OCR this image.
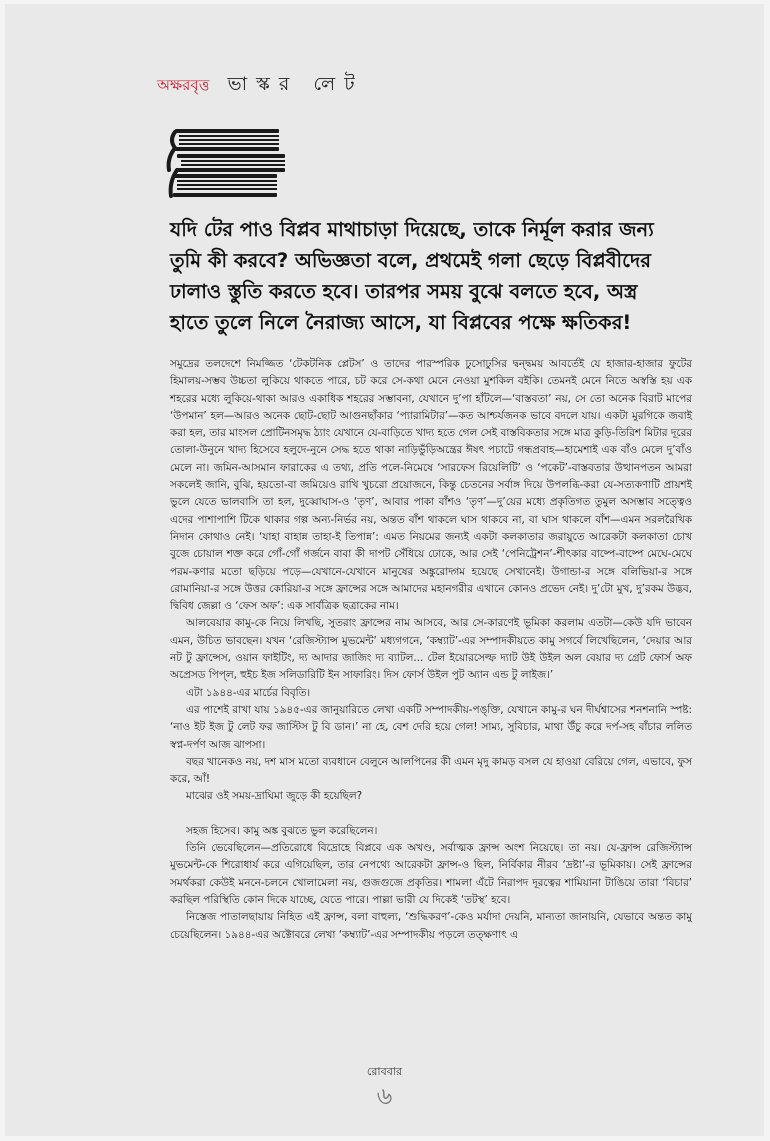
অক্ষরবৃত্ত ভাস্কর লেট

যদি টের পাও বিপ্লব মাথাচাড়া দিয়েছে, তাকে নির্মূল করার জন্য

তুমি কী করবে? অভিজ্ঞতা বলে, প্রথমেই গলা ছেড়ে বিপ্লবীদের

ঢালাও স্তুতি করতে হবে। তারপর সময় বুঝে বলতে হবে, অস্ত্র

হাতে তুলে নিলে নৈরাজ্য আসে, যা বিপ্লবের পক্ষে ক্ষতিকর!

সমুদ্রের তলদেশে নিমজ্জিত ‘টেকটনিক প্লেটস’ ও তাদের পারস্পরিক ঢুসোঢুসির দ্বন্দ্বময় আবর্তেই যে হাজার-হাজার ফুটের হিমালয়-সম্ভব উচ্চতা লুকিয়ে থাকতে পারে, চট করে সে-কথা মেনে নেওয়া মুশকিল বইকি। তেমনই মেনে নিতে অস্বস্তি হয় এক শহরের মধ্যে লুকিয়ে-থাকা আরও একাধিক শহরের সম্ভাবনা, যেখানে দু’পা হাঁটলে—‘বাস্তবতা’ নয়, সে তো অনেক বিরাট মাপের ‘উপমান’ হল—আরও অনেক ছোট-ছোট আগুনছাঁকার ‘প্যারামিটার’—কত আশ্চর্যজনক ভাবে বদলে যায়। একটা মুরগিকে জবাই করা হল, তার মাংসল প্রোটিনসমৃদ্ধ ঠ্যাং যেখানে যে-বাড়িতে খাদ্য হতে গেল সেই বাস্তবিকতার সঙ্গে মাত্র কুড়ি-তিরিশ মিটার দূরের তোলা-উনুনে খাদ্য হিসেবে হলুদে-নুনে সেদ্ধ হতে থাকা নাড়িভুঁড়িঅন্ত্রের ঈষৎ পচাটে গন্ধপ্রবাহ—হামেশাই এক বাঁও মেলে দু’বাঁও মেলে না। জমিন-আসমান ফারাকের এ তথ্য, প্রতি পলে-নিমেষে ‘সারফেস রিয়েলিটি’ ও ‘পকেট’-বাস্তবতার উত্থানপতন আমরা সকলেই জানি, বুঝি, হয়তো-বা জমিয়েও রাখি খুচরো প্রয়োজনে, কিন্তু চেতনের সর্বাঙ্গ দিয়ে উপলব্ধি-করা যে-সত্যকণাটি প্রায়শই ভুলে যেতে ভালবাসি তা হল, দুব্বোঘাস-ও ‘তৃণ’, আবার পাকা বাঁশও ‘তৃণ’—দু’য়ের মধ্যে প্রকৃতিগত তুমুল অসম্ভাব সত্ত্বেও এদের পাশাপাশি টিকে থাকার গল্প অন্য-নির্ভর নয়, অন্তত বাঁশ থাকলে ঘাস থাকবে না, বা ঘাস থাকলে বাঁশ—এমন সরলরৈখিক নিদান কোথাও নেই। ‘যাহা বাহান্ন তাহা-ই তিপান্ন’: এমত নিয়মের জন্যই একটা কলকাতার জরায়ুতে আরেকটা কলকাতা চোখ বুজে চোয়াল শক্ত করে গোঁ-গোঁ গর্জনে বাবা কী দাপট সেঁধিয়ে ঢোকে, আর সেই ‘পেনিট্রেশন’-শীৎকার বাষ্পে-বাষ্পে মেঘে-মেঘে পরম-কণার মতো ছড়িয়ে পড়ে—যেখানে-যেখানে মানুষের অঙ্কুরোদ্গম হয়েছে সেখানেই। উগান্ডা-র সঙ্গে বলিভিয়া-র সঙ্গে রোমানিয়া-র সঙ্গে উত্তর কোরিয়া-র সঙ্গে ফ্রান্সের সঙ্গে আমাদের মহানগরীর এখানে কোনও প্রভেদ নেই। দু’টো মুখ, দু’রকম উদ্ভব, দ্বিবিধ জেল্লা ও ‘ফেস অফ’: এক সার্বত্রিক ছত্রাকের নাম।

আলবেয়ার কামু-কে নিয়ে লিখছি, সুতরাং ফ্রান্সের নাম আসবে, আর সে-কারণেই ভূমিকা করলাম এতটা—কেউ যদি ভাবেন এমন, উচিত ভাবছেন। যখন ‘রেজিস্ট্যান্স মুভমেন্ট’ মধ্যগগনে, ‘কম্ব্যাট’-এর সম্পাদকীয়তে কামু সগর্বে লিখেছিলেন, ‘দেয়ার আর নট টু ফ্রান্সেস, ওয়ান ফাইটিং, দ্য আদার জাজিং দ্য ব্যাটল... টেল ইয়োরসেল্ফ দ্যাট উই উইল অল বেয়ার দ্য গ্রেট ফোর্স অফ অপ্রেসড পিপ্‌ল, হুইচ ইজ সলিডারিটি ইন সাফারিং। দিস ফোর্স উইল পুট অ্যান এন্ড টু লাইজ।’

এটা ১৯৪৪-এর মার্চের বিবৃতি।

এর পাশেই রাখা যায় ১৯৪৫-এর জানুয়ারিতে লেখা একটি সম্পাদকীয়-পঙ্‌ক্তি, যেখানে কামু-র ঘন দীর্ঘশ্বাসের শনশনানি স্পষ্ট: ‘নাও ইট ইজ টু লেট ফর জাস্টিস টু বি ডান।’ না হে, বেশ দেরি হয়ে গেল! সাম্য, সুবিচার, মাথা উঁচু করে দর্প-সহ বাঁচার ললিত স্বপ্ন-দর্পণ আজ ঝাপসা।

বছর খানেকও নয়, দশ মাস মতো ব্যবধানে বেলুনে আলপিনের কী এমন মৃদু কামড় বসল যে হাওয়া বেরিয়ে গেল, এভাবে, ফুস করে, আঁ!

মাঝের ওই সময়-দ্রাঘিমা জুড়ে কী হয়েছিল?

সহজ হিসেব। কামু অঙ্ক বুঝতে ভুল করেছিলেন।

তিনি ভেবেছিলেন—প্রতিরোধে বিদ্রোহে বিপ্লবে এক অখণ্ড, সর্বাত্মক ফ্রান্স অংশ নিয়েছে। তা নয়। যে-ফ্রান্স রেজিস্ট্যান্স মুভমেন্ট-কে শিরোধার্য করে এগিয়েছিল, তার নেপথ্যে আরেকটা ফ্রান্স-ও ছিল, নির্বিকার নীরব ‘দ্রষ্টা’-র ভূমিকায়। সেই ফ্রান্সের সমর্থকরা কেউই মননে-চলনে খোলামেলা নয়, গুজগুজে প্রকৃতির। শামলা এঁটে নিরাপদ দূরত্বের শামিয়ানা টাঙিয়ে তারা ‘বিচার’ করছিল পরিস্থিতি কোন দিকে যাচ্ছে, যেতে পারে। পাল্লা ভারী যে দিকেই ‘তটস্থ’ হবে।

নিস্তেজ পাতালছায়ায় নিহিত এই ফ্রান্স, বলা বাহুল্য, ‘শুদ্ধিকরণ’-কেও মর্যাদা দেয়নি, মান্যতা জানায়নি, যেভাবে অন্তত কামু চেয়েছিলেন। ১৯৪৪-এর অক্টোবরে লেখা ‘কম্ব্যাট’-এর সম্পাদকীয় পড়লে তত্ক্ষণাৎ এ

রোববার
৬
